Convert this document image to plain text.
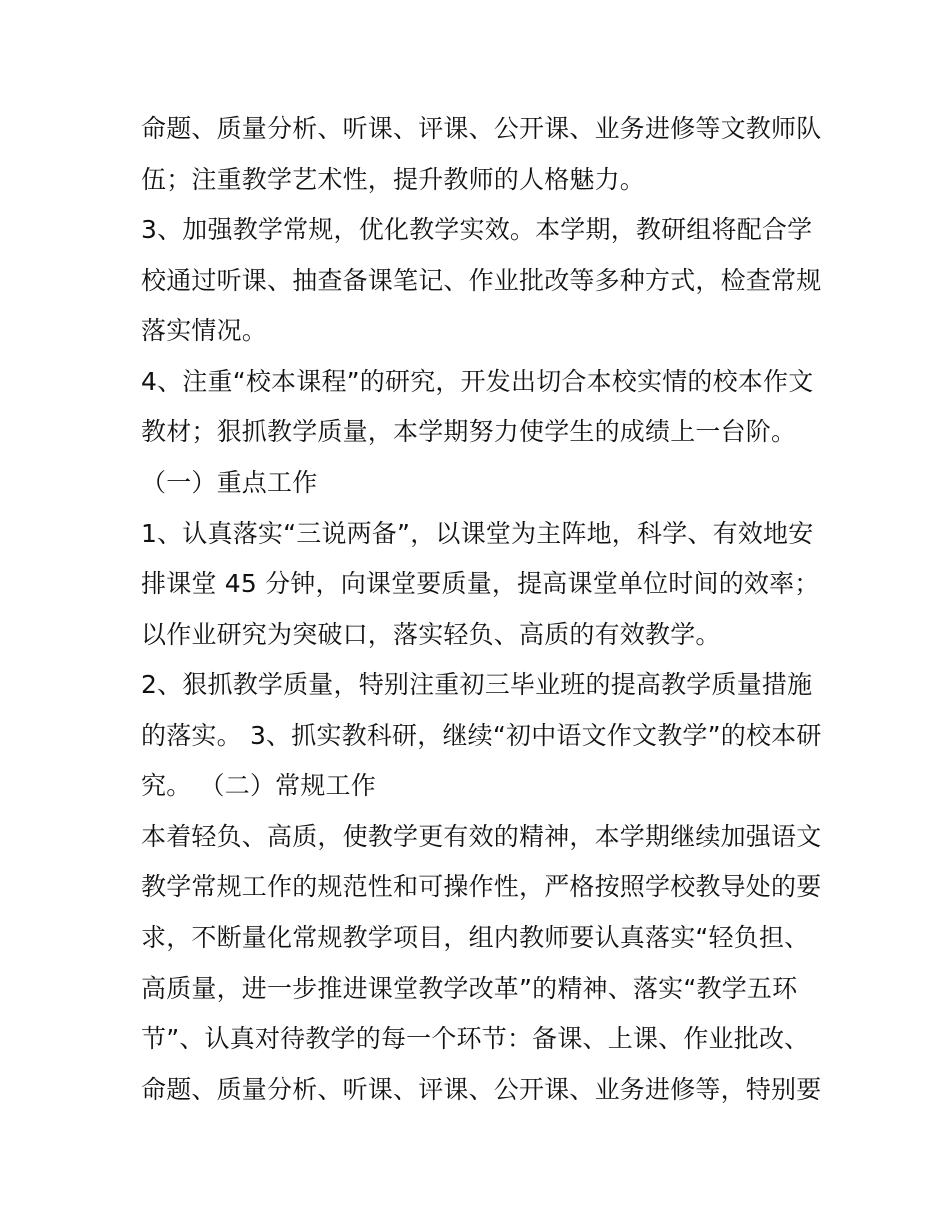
命题、质量分析、听课、评课、公开课、业务进修等文教师队
伍；注重教学艺术性，提升教师的人格魅力。
3、加强教学常规，优化教学实效。本学期，教研组将配合学
校通过听课、抽查备课笔记、作业批改等多种方式，检查常规
落实情况。
4、注重“校本课程”的研究，开发出切合本校实情的校本作文
教材；狠抓教学质量，本学期努力使学生的成绩上一台阶。
（一）重点工作
1、认真落实“三说两备”，以课堂为主阵地，科学、有效地安
排课堂 45 分钟，向课堂要质量，提高课堂单位时间的效率；
以作业研究为突破口，落实轻负、高质的有效教学。
2、狠抓教学质量，特别注重初三毕业班的提高教学质量措施
的落实。 3、抓实教科研，继续“初中语文作文教学”的校本研
究。 （二）常规工作
本着轻负、高质，使教学更有效的精神，本学期继续加强语文
教学常规工作的规范性和可操作性，严格按照学校教导处的要
求，不断量化常规教学项目，组内教师要认真落实“轻负担、
高质量，进一步推进课堂教学改革”的精神、落实“教学五环
节”、认真对待教学的每一个环节：备课、上课、作业批改、
命题、质量分析、听课、评课、公开课、业务进修等，特别要
